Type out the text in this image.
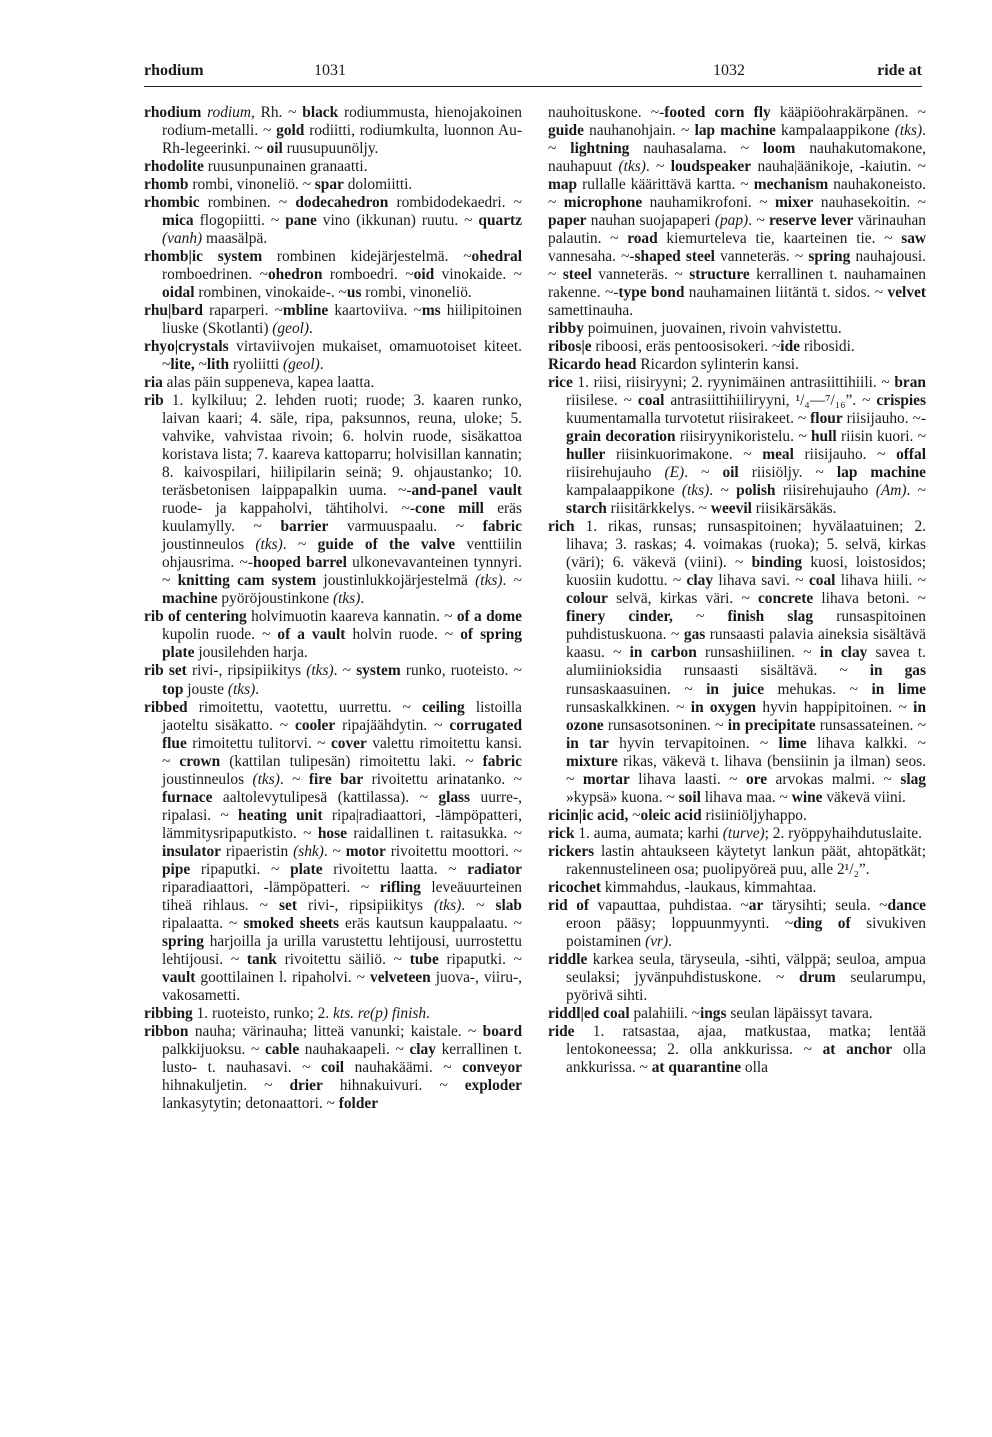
rhodium	1031	1032	ride at

rhodium rodium, Rh. ~ black rodiummusta, hienojakoinen rodium-metalli. ~ gold rodiitti, rodiumkulta, luonnon Au-Rh-legeerinki. ~ oil ruusupuunöljy.

rhodolite ruusunpunainen granaatti.

rhomb rombi, vinoneliö. ~ spar dolomiitti.

rhombic rombinen. ~ dodecahedron rombidodekaedri. ~ mica flogopiitti. ~ pane vino (ikkunan) ruutu. ~ quartz (vanh) maasälpä.

rhomb|ic system rombinen kidejärjestelmä. ~ohedral romboedrinen. ~ohedron romboedri. ~oid vinokaide. ~ oidal rombinen, vinokaide-. ~us rombi, vinoneliö.

rhu|bard raparperi. ~mbline kaartoviiva. ~ms hiilipitoinen liuske (Skotlanti) (geol).

rhyo|crystals virtaviivojen mukaiset, omamuotoiset kiteet. ~lite, ~lith ryoliitti (geol).

ria alas päin suppeneva, kapea laatta.

rib 1. kylkiluu; 2. lehden ruoti; ruode; 3. kaaren runko, laivan kaari; 4. säle, ripa, paksunnos, reuna, uloke; 5. vahvike, vahvistaa rivoin; 6. holvin ruode, sisäkattoa koristava lista; 7. kaareva kattoparru; holvisillan kannatin; 8. kaivospilari, hiilipilarin seinä; 9. ohjaustanko; 10. teräsbetonisen laippapalkin uuma. ~-and-panel vault ruode- ja kappaholvi, tähtiholvi. ~-cone mill eräs kuulamylly. ~ barrier varmuuspaalu. ~ fabric joustinneulos (tks). ~ guide of the valve venttiilin ohjausrima. ~-hooped barrel ulkonevavanteinen tynnyri. ~ knitting cam system joustinlukkojärjestelmä (tks). ~ machine pyöröjoustinkone (tks).

rib of centering holvimuotin kaareva kannatin. ~ of a dome kupolin ruode. ~ of a vault holvin ruode. ~ of spring plate jousilehden harja.

rib set rivi-, ripsipiikitys (tks). ~ system runko, ruoteisto. ~ top jouste (tks).

ribbed rimoitettu, vaotettu, uurrettu. ~ ceiling listoilla jaoteltu sisäkatto. ~ cooler ripajäähdytin. ~ corrugated flue rimoitettu tulitorvi. ~ cover valettu rimoitettu kansi. ~ crown (kattilan tulipesän) rimoitettu laki. ~ fabric joustinneulos (tks). ~ fire bar rivoitettu arinatanko. ~ furnace aaltolevytulipesä (kattilassa). ~ glass uurre-, ripalasi. ~ heating unit ripa|radiaattori, -lämpöpatteri, lämmitysripaputkisto. ~ hose raidallinen t. raitasukka. ~ insulator ripaeristin (shk). ~ motor rivoitettu moottori. ~ pipe ripaputki. ~ plate rivoitettu laatta. ~ radiator riparadiaattori, -lämpöpatteri. ~ rifling leveäuurteinen tiheä rihlaus. ~ set rivi-, ripsipiikitys (tks). ~ slab ripalaatta. ~ smoked sheets eräs kautsun kauppalaatu. ~ spring harjoilla ja urilla varustettu lehtijousi, uurrostettu lehtijousi. ~ tank rivoitettu säiliö. ~ tube ripaputki. ~ vault goottilainen l. ripaholvi. ~ velveteen juova-, viiru-, vakosametti.

ribbing 1. ruoteisto, runko; 2. kts. re(p) finish.

ribbon nauha; värinauha; litteä vanunki; kaistale. ~ board palkkijuoksu. ~ cable nauhakaapeli. ~ clay kerrallinen t. lusto- t. nauhasavi. ~ coil nauhakäämi. ~ conveyor hihnakuljetin. ~ drier hihnakuivuri. ~ exploder lankasytytin; detonaattori. ~ folder

nauhoituskone. ~-footed corn fly kääpiöohrakärpänen. ~ guide nauhanohjain. ~ lap machine kampalaappikone (tks). ~ lightning nauhasalama. ~ loom nauhakutomakone, nauhapuut (tks). ~ loudspeaker nauha|äänikoje, -kaiutin. ~ map rullalle käärittävä kartta. ~ mechanism nauhakoneisto. ~ microphone nauhamikrofoni. ~ mixer nauhasekoitin. ~ paper nauhan suojapaperi (pap). ~ reserve lever värinauhan palautin. ~ road kiemurteleva tie, kaarteinen tie. ~ saw vannesaha. ~-shaped steel vanneteräs. ~ spring nauhajousi. ~ steel vanneteräs. ~ structure kerrallinen t. nauhamainen rakenne. ~-type bond nauhamainen liitäntä t. sidos. ~ velvet samettinauha.

ribby poimuinen, juovainen, rivoin vahvistettu.

ribos|e riboosi, eräs pentoosisokeri. ~ide ribosidi.

Ricardo head Ricardon sylinterin kansi.

rice 1. riisi, riisiryyni; 2. ryynimäinen antrasiittihiili. ~ bran riisilese. ~ coal antrasiittihiiliryyni, ¹/₄—⁷/₁₆”. ~ crispies kuumentamalla turvotetut riisirakeet. ~ flour riisijauho. ~-grain decoration riisiryynikoristelu. ~ hull riisin kuori. ~ huller riisinkuorimakone. ~ meal riisijauho. ~ offal riisirehujauho (E). ~ oil riisiöljy. ~ lap machine kampalaappikone (tks). ~ polish riisirehujauho (Am). ~ starch riisitärkkelys. ~ weevil riisikärsäkäs.

rich 1. rikas, runsas; runsaspitoinen; hyvälaatuinen; 2. lihava; 3. raskas; 4. voimakas (ruoka); 5. selvä, kirkas (väri); 6. väkevä (viini). ~ binding kuosi, loistosidos; kuosiin kudottu. ~ clay lihava savi. ~ coal lihava hiili. ~ colour selvä, kirkas väri. ~ concrete lihava betoni. ~ finery cinder, ~ finish slag runsaspitoinen puhdistuskuona. ~ gas runsaasti palavia aineksia sisältävä kaasu. ~ in carbon runsashiilinen. ~ in clay savea t. alumiinioksidia runsaasti sisältävä. ~ in gas runsaskaasuinen. ~ in juice mehukas. ~ in lime runsaskalkkinen. ~ in oxygen hyvin happipitoinen. ~ in ozone runsasotsoninen. ~ in precipitate runsassateinen. ~ in tar hyvin tervapitoinen. ~ lime lihava kalkki. ~ mixture rikas, väkevä t. lihava (bensiinin ja ilman) seos. ~ mortar lihava laasti. ~ ore arvokas malmi. ~ slag »kypsä» kuona. ~ soil lihava maa. ~ wine väkevä viini.

ricin|ic acid, ~oleic acid risiiniöljyhappo.

rick 1. auma, aumata; karhi (turve); 2. ryöppyhaihdutuslaite.

rickers lastin ahtaukseen käytetyt lankun päät, ahtopätkät; rakennustelineen osa; puolipyöreä puu, alle 2¹/₂”.

ricochet kimmahdus, -laukaus, kimmahtaa.

rid of vapauttaa, puhdistaa. ~ar tärysihti; seula. ~dance eroon pääsy; loppuunmyynti. ~ding of sivukiven poistaminen (vr).

riddle karkea seula, täryseula, -sihti, välppä; seuloa, ampua seulaksi; jyvänpuhdistuskone. ~ drum seularumpu, pyörivä sihti.

riddl|ed coal palahiili. ~ings seulan läpäissyt tavara.

ride 1. ratsastaa, ajaa, matkustaa, matka; lentää lentokoneessa; 2. olla ankkurissa. ~ at anchor olla ankkurissa. ~ at quarantine olla
